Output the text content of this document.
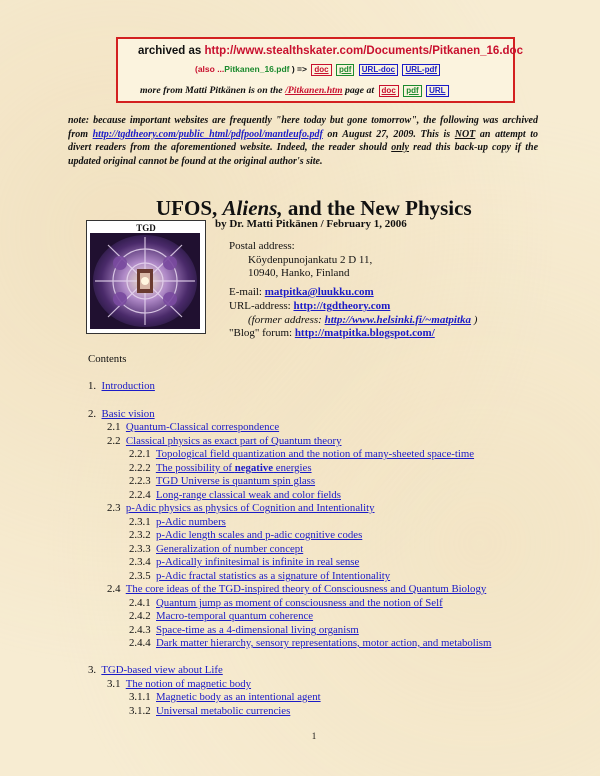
archived as http://www.stealthskater.com/Documents/Pitkanen_16.doc
(also ...Pitkanen_16.pdf ) => doc pdf URL-doc URL-pdf
more from Matti Pitkänen is on the /Pitkanen.htm page at doc pdf URL
note: because important websites are frequently "here today but gone tomorrow", the following was archived from http://tgdtheory.com/public_html/pdfpool/mantleufo.pdf on August 27, 2009. This is NOT an attempt to divert readers from the aforementioned website. Indeed, the reader should only read this back-up copy if the updated original cannot be found at the original author's site.
UFOS, Aliens, and the New Physics
TGD	by Dr. Matti Pitkänen / February 1, 2006
Postal address:
Köydenpunojankatu 2 D 11,
10940, Hanko, Finland
E-mail: matpitka@luukku.com
URL-address: http://tgdtheory.com
(former address: http://www.helsinki.fi/~matpitka )
"Blog" forum: http://matpitka.blogspot.com/
Contents
1. Introduction
2. Basic vision
2.1 Quantum-Classical correspondence
2.2 Classical physics as exact part of Quantum theory
2.2.1 Topological field quantization and the notion of many-sheeted space-time
2.2.2 The possibility of negative energies
2.2.3 TGD Universe is quantum spin glass
2.2.4 Long-range classical weak and color fields
2.3 p-Adic physics as physics of Cognition and Intentionality
2.3.1 p-Adic numbers
2.3.2 p-Adic length scales and p-adic cognitive codes
2.3.3 Generalization of number concept
2.3.4 p-Adically infinitesimal is infinite in real sense
2.3.5 p-Adic fractal statistics as a signature of Intentionality
2.4 The core ideas of the TGD-inspired theory of Consciousness and Quantum Biology
2.4.1 Quantum jump as moment of consciousness and the notion of Self
2.4.2 Macro-temporal quantum coherence
2.4.3 Space-time as a 4-dimensional living organism
2.4.4 Dark matter hierarchy, sensory representations, motor action, and metabolism
3. TGD-based view about Life
3.1 The notion of magnetic body
3.1.1 Magnetic body as an intentional agent
3.1.2 Universal metabolic currencies
1
